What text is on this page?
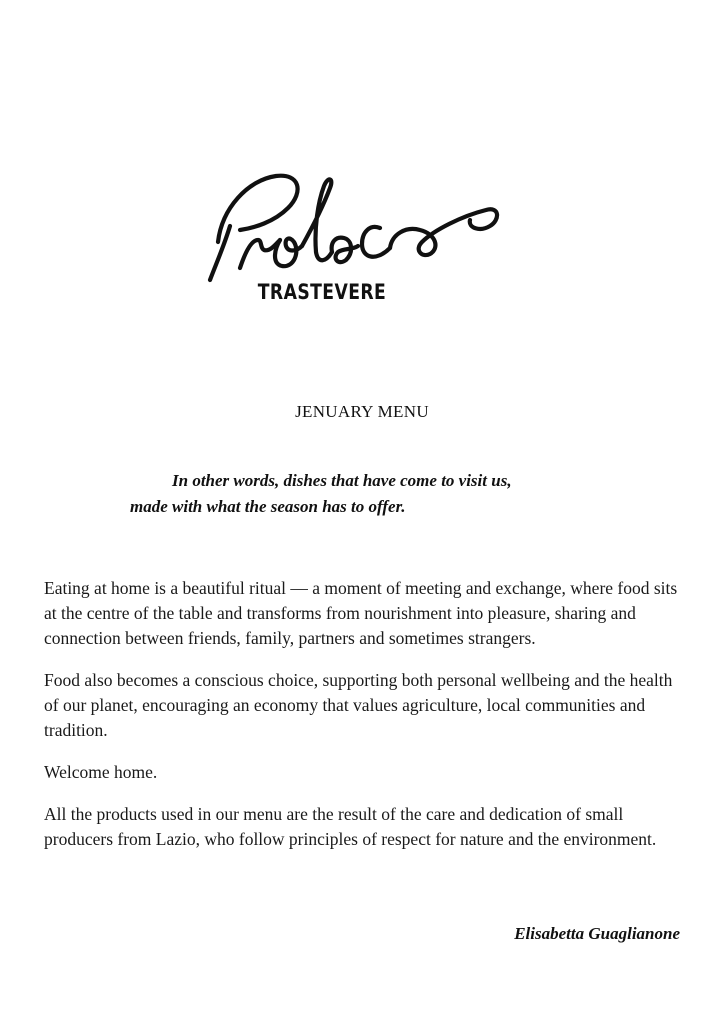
TRASTEVERE
JENUARY MENU
In other words, dishes that have come to visit us,
made with what the season has to offer.

Eating at home is a beautiful ritual — a moment of meeting and exchange, where food sits at the centre of the table and transforms from nourishment into pleasure, sharing and connection between friends, family, partners and sometimes strangers.

Food also becomes a conscious choice, supporting both personal wellbeing and the health of our planet, encouraging an economy that values agriculture, local communities and tradition.

Welcome home.

All the products used in our menu are the result of the care and dedication of small producers from Lazio, who follow principles of respect for nature and the environment.

Elisabetta Guaglianone
